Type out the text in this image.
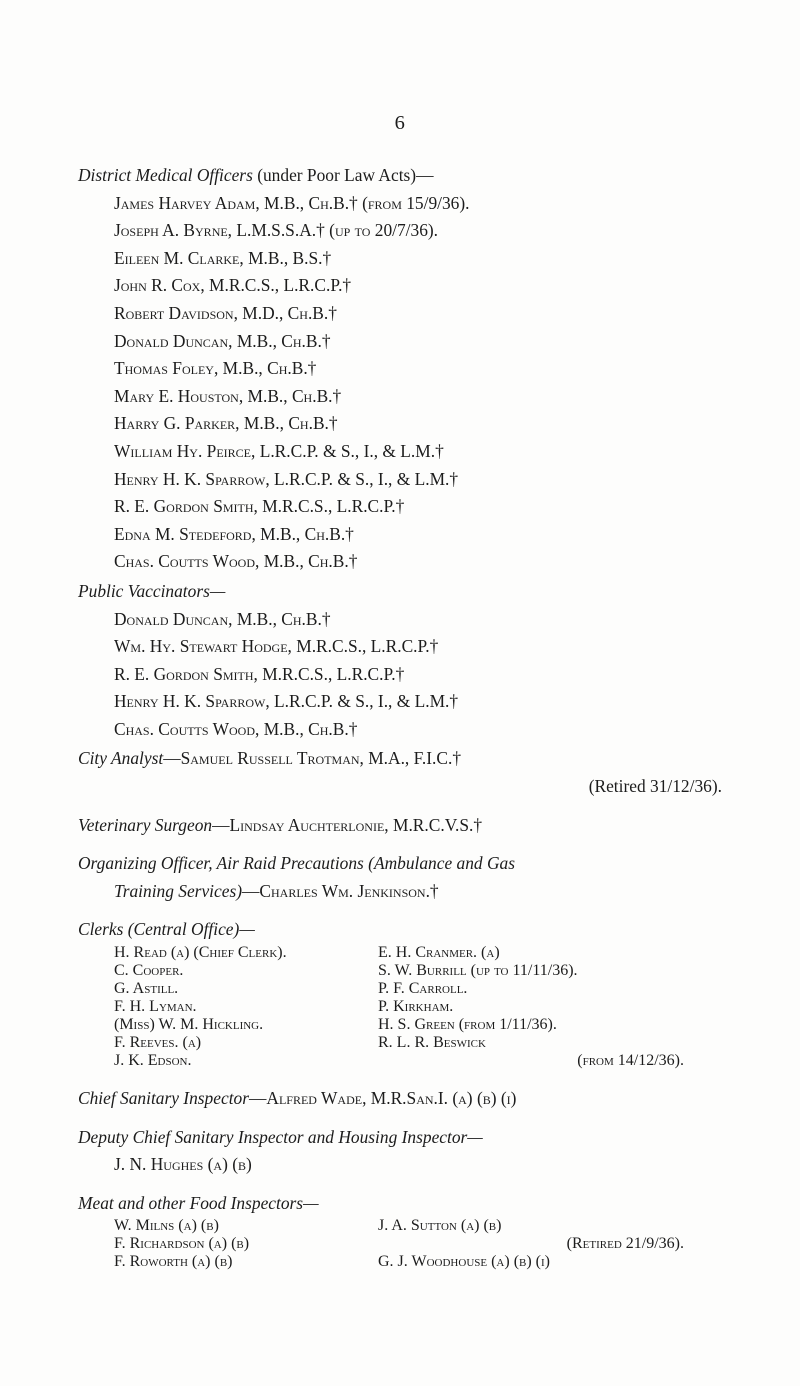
6
District Medical Officers (under Poor Law Acts)—
James Harvey Adam, M.B., Ch.B.† (from 15/9/36).
Joseph A. Byrne, L.M.S.S.A.† (up to 20/7/36).
Eileen M. Clarke, M.B., B.S.†
John R. Cox, M.R.C.S., L.R.C.P.†
Robert Davidson, M.D., Ch.B.†
Donald Duncan, M.B., Ch.B.†
Thomas Foley, M.B., Ch.B.†
Mary E. Houston, M.B., Ch.B.†
Harry G. Parker, M.B., Ch.B.†
William Hy. Peirce, L.R.C.P. & S., I., & L.M.†
Henry H. K. Sparrow, L.R.C.P. & S., I., & L.M.†
R. E. Gordon Smith, M.R.C.S., L.R.C.P.†
Edna M. Stedeford, M.B., Ch.B.†
Chas. Coutts Wood, M.B., Ch.B.†
Public Vaccinators—
Donald Duncan, M.B., Ch.B.†
Wm. Hy. Stewart Hodge, M.R.C.S., L.R.C.P.†
R. E. Gordon Smith, M.R.C.S., L.R.C.P.†
Henry H. K. Sparrow, L.R.C.P. & S., I., & L.M.†
Chas. Coutts Wood, M.B., Ch.B.†
City Analyst—Samuel Russell Trotman, M.A., F.I.C.†
(Retired 31/12/36).
Veterinary Surgeon—Lindsay Auchterlonie, M.R.C.V.S.†
Organizing Officer, Air Raid Precautions (Ambulance and Gas
Training Services)—Charles Wm. Jenkinson.†
Clerks (Central Office)—
H. Read (a) (Chief Clerk).	E. H. Cranmer. (a)
C. Cooper.	S. W. Burrill (up to 11/11/36).
G. Astill.	P. F. Carroll.
F. H. Lyman.	P. Kirkham.
(Miss) W. M. Hickling.	H. S. Green (from 1/11/36).
F. Reeves. (a)	R. L. R. Beswick
J. K. Edson.	(from 14/12/36).
Chief Sanitary Inspector—Alfred Wade, M.R.San.I. (a) (b) (i)
Deputy Chief Sanitary Inspector and Housing Inspector—
J. N. Hughes (a) (b)
Meat and other Food Inspectors—
W. Milns (a) (b)	J. A. Sutton (a) (b)
F. Richardson (a) (b)	(Retired 21/9/36).
F. Roworth (a) (b)	G. J. Woodhouse (a) (b) (i)
